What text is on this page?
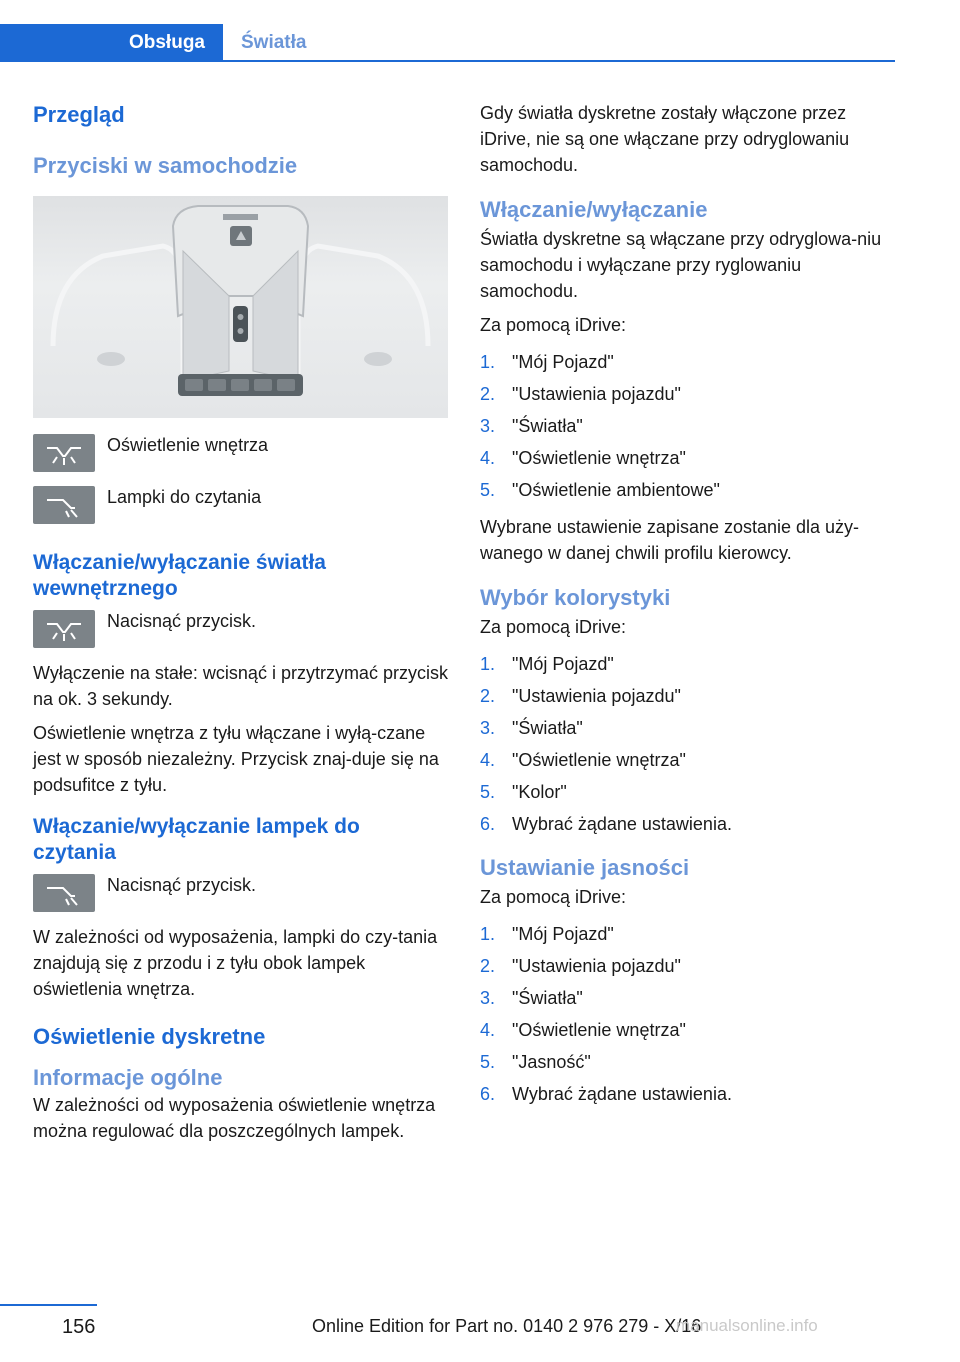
Obsługa	Światła
Przegląd
Przyciski w samochodzie

Oświetlenie wnętrza

Lampki do czytania

Włączanie/wyłączanie światła wewnętrznego

Nacisnąć przycisk.

Wyłączenie na stałe: wcisnąć i przytrzymać przycisk na ok. 3 sekundy.

Oświetlenie wnętrza z tyłu włączane i wyłą‐czane jest w sposób niezależny. Przycisk znaj‐duje się na podsufitce z tyłu.

Włączanie/wyłączanie lampek do czytania

Nacisnąć przycisk.

W zależności od wyposażenia, lampki do czy‐tania znajdują się z przodu i z tyłu obok lampek oświetlenia wnętrza.

Oświetlenie dyskretne
Informacje ogólne

W zależności od wyposażenia oświetlenie wnętrza można regulować dla poszczególnych lampek.

Gdy światła dyskretne zostały włączone przez iDrive, nie są one włączane przy odryglowaniu samochodu.

Włączanie/wyłączanie

Światła dyskretne są włączane przy odryglowa‐niu samochodu i wyłączane przy ryglowaniu samochodu.

Za pomocą iDrive:

1. "Mój Pojazd"
2. "Ustawienia pojazdu"
3. "Światła"
4. "Oświetlenie wnętrza"
5. "Oświetlenie ambientowe"

Wybrane ustawienie zapisane zostanie dla uży‐wanego w danej chwili profilu kierowcy.

Wybór kolorystyki

Za pomocą iDrive:

1. "Mój Pojazd"
2. "Ustawienia pojazdu"
3. "Światła"
4. "Oświetlenie wnętrza"
5. "Kolor"
6. Wybrać żądane ustawienia.
Ustawianie jasności

Za pomocą iDrive:

1. "Mój Pojazd"
2. "Ustawienia pojazdu"
3. "Światła"
4. "Oświetlenie wnętrza"
5. "Jasność"
6. Wybrać żądane ustawienia.
156	Online Edition for Part no. 0140 2 976 279 - X/16
manualsonline.info
